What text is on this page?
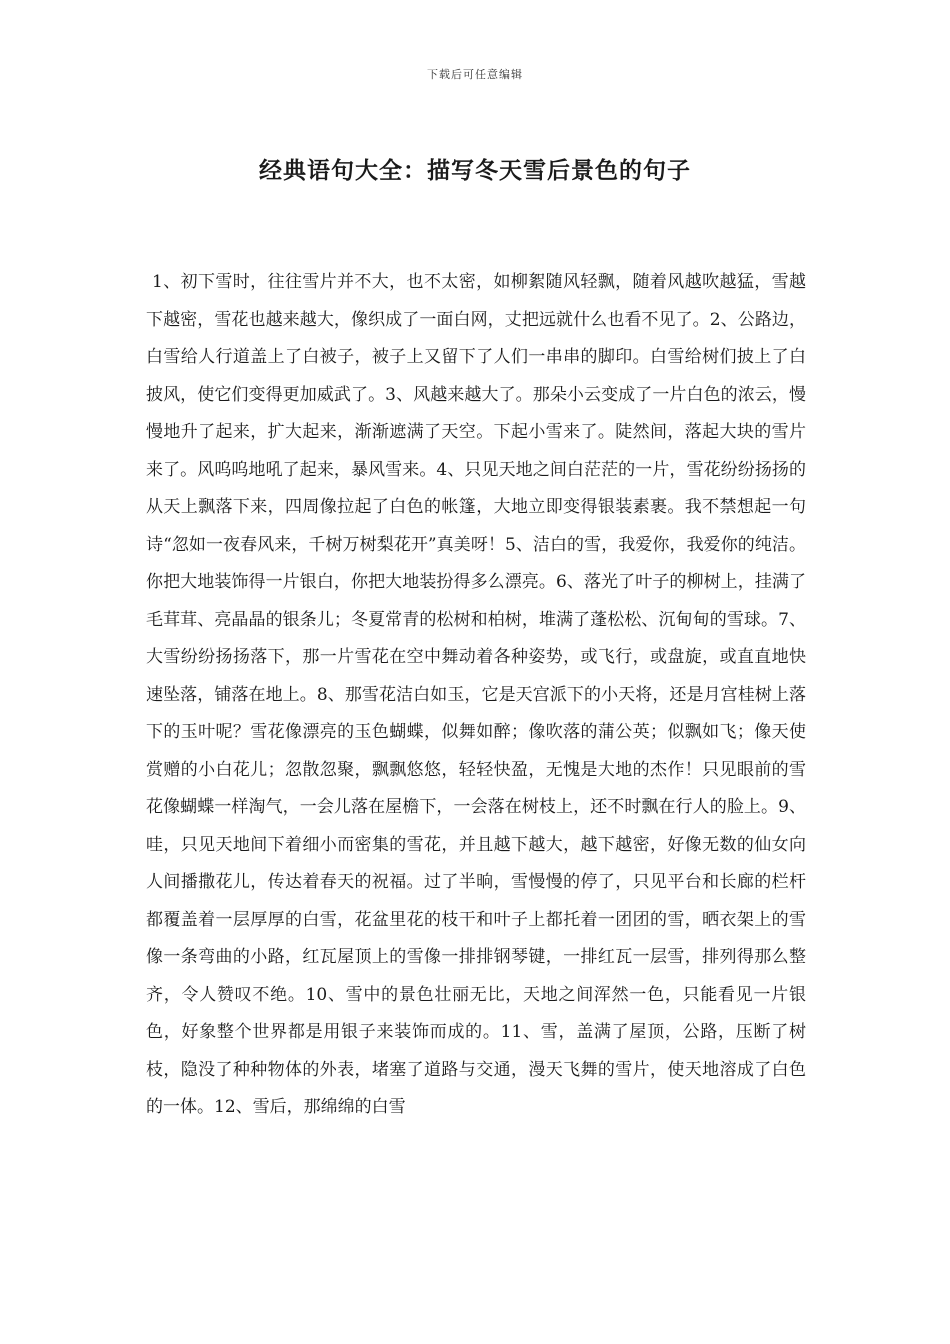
下载后可任意编辑
经典语句大全：描写冬天雪后景色的句子

1、初下雪时，往往雪片并不大，也不太密，如柳絮随风轻飘，随着风越吹越猛，雪越下越密，雪花也越来越大，像织成了一面白网，丈把远就什么也看不见了。2、公路边，白雪给人行道盖上了白被子，被子上又留下了人们一串串的脚印。白雪给树们披上了白披风，使它们变得更加威武了。3、风越来越大了。那朵小云变成了一片白色的浓云，慢慢地升了起来，扩大起来，渐渐遮满了天空。下起小雪来了。陡然间，落起大块的雪片来了。风呜呜地吼了起来，暴风雪来。4、只见天地之间白茫茫的一片，雪花纷纷扬扬的从天上飘落下来，四周像拉起了白色的帐篷，大地立即变得银装素裹。我不禁想起一句诗“忽如一夜春风来，千树万树梨花开”真美呀！5、洁白的雪，我爱你，我爱你的纯洁。你把大地装饰得一片银白，你把大地装扮得多么漂亮。6、落光了叶子的柳树上，挂满了毛茸茸、亮晶晶的银条儿；冬夏常青的松树和柏树，堆满了蓬松松、沉甸甸的雪球。7、大雪纷纷扬扬落下，那一片雪花在空中舞动着各种姿势，或飞行，或盘旋，或直直地快速坠落，铺落在地上。8、那雪花洁白如玉，它是天宫派下的小天将，还是月宫桂树上落下的玉叶呢？雪花像漂亮的玉色蝴蝶，似舞如醉；像吹落的蒲公英；似飘如飞；像天使赏赠的小白花儿；忽散忽聚，飘飘悠悠，轻轻快盈，无愧是大地的杰作！只见眼前的雪花像蝴蝶一样淘气，一会儿落在屋檐下，一会落在树枝上，还不时飘在行人的脸上。9、哇，只见天地间下着细小而密集的雪花，并且越下越大，越下越密，好像无数的仙女向人间播撒花儿，传达着春天的祝福。过了半晌，雪慢慢的停了，只见平台和长廊的栏杆都覆盖着一层厚厚的白雪，花盆里花的枝干和叶子上都托着一团团的雪，晒衣架上的雪像一条弯曲的小路，红瓦屋顶上的雪像一排排钢琴键，一排红瓦一层雪，排列得那么整齐，令人赞叹不绝。10、雪中的景色壮丽无比，天地之间浑然一色，只能看见一片银色，好象整个世界都是用银子来装饰而成的。11、雪，盖满了屋顶，公路，压断了树枝，隐没了种种物体的外表，堵塞了道路与交通，漫天飞舞的雪片，使天地溶成了白色的一体。12、雪后，那绵绵的白雪
